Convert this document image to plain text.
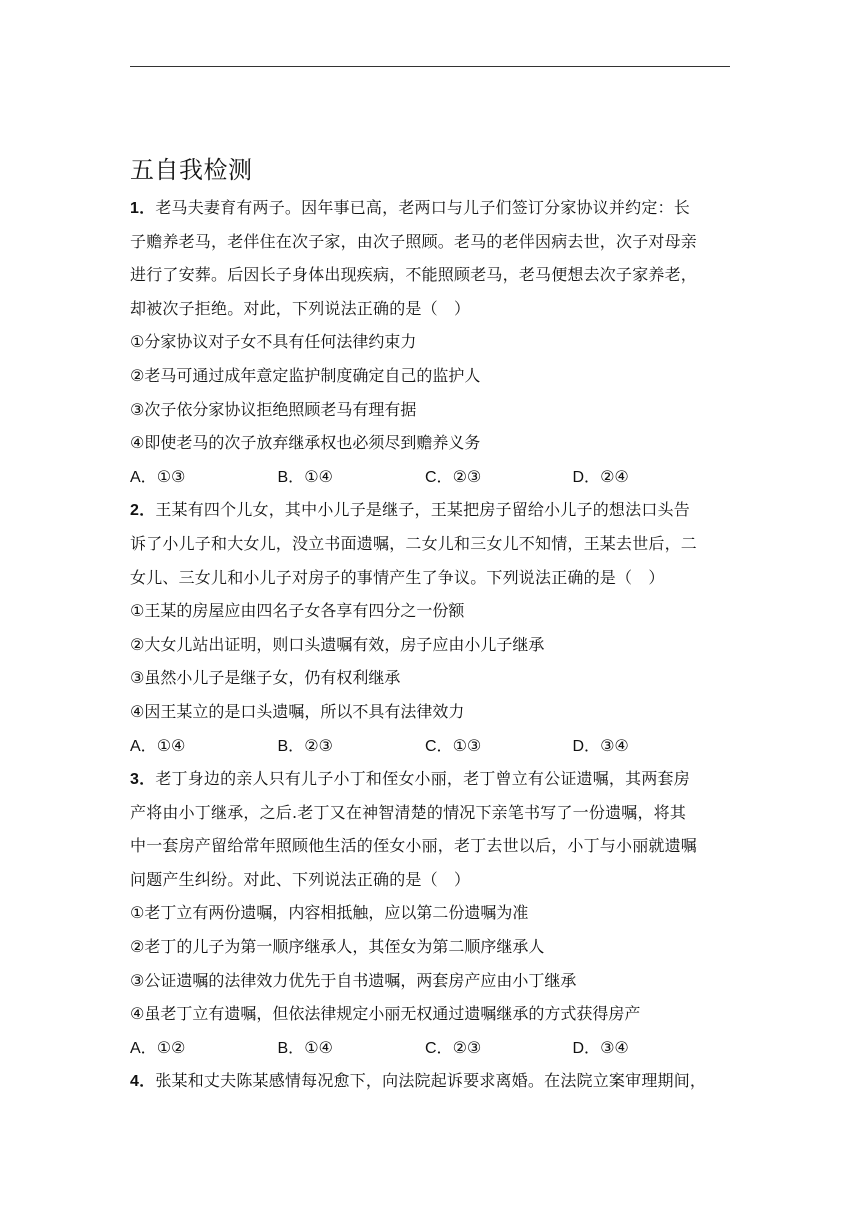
五自我检测
1．老马夫妻育有两子。因年事已高，老两口与儿子们签订分家协议并约定：长
子赡养老马，老伴住在次子家，由次子照顾。老马的老伴因病去世，次子对母亲
进行了安葬。后因长子身体出现疾病，不能照顾老马，老马便想去次子家养老，
却被次子拒绝。对此，下列说法正确的是（　）
①分家协议对子女不具有任何法律约束力
②老马可通过成年意定监护制度确定自己的监护人
③次子依分家协议拒绝照顾老马有理有据
④即使老马的次子放弃继承权也必须尽到赡养义务
A．①③	B．①④	C．②③	D．②④
2．王某有四个儿女，其中小儿子是继子，王某把房子留给小儿子的想法口头告
诉了小儿子和大女儿，没立书面遗嘱，二女儿和三女儿不知情，王某去世后，二
女儿、三女儿和小儿子对房子的事情产生了争议。下列说法正确的是（　）
①王某的房屋应由四名子女各享有四分之一份额
②大女儿站出证明，则口头遗嘱有效，房子应由小儿子继承
③虽然小儿子是继子女，仍有权利继承
④因王某立的是口头遗嘱，所以不具有法律效力
A．①④	B．②③	C．①③	D．③④
3．老丁身边的亲人只有儿子小丁和侄女小丽，老丁曾立有公证遗嘱，其两套房
产将由小丁继承，之后.老丁又在神智清楚的情况下亲笔书写了一份遗嘱，将其
中一套房产留给常年照顾他生活的侄女小丽，老丁去世以后，小丁与小丽就遗嘱
问题产生纠纷。对此、下列说法正确的是（　）
①老丁立有两份遗嘱，内容相抵触，应以第二份遗嘱为准
②老丁的儿子为第一顺序继承人，其侄女为第二顺序继承人
③公证遗嘱的法律效力优先于自书遗嘱，两套房产应由小丁继承
④虽老丁立有遗嘱，但依法律规定小丽无权通过遗嘱继承的方式获得房产
A．①②	B．①④	C．②③	D．③④
4．张某和丈夫陈某感情每况愈下，向法院起诉要求离婚。在法院立案审理期间，
